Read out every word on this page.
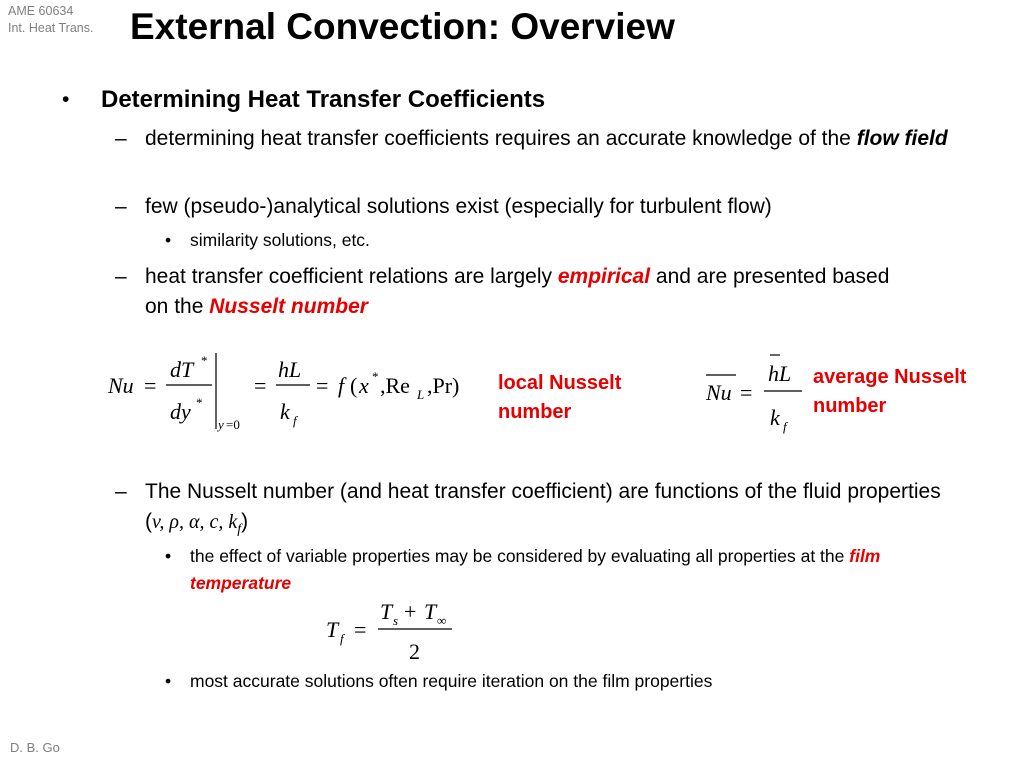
AME 60634
Int. Heat Trans. External Convection: Overview
• Determining Heat Transfer Coefficients
– determining heat transfer coefficients requires an accurate knowledge of the flow field
– few (pseudo-)analytical solutions exist (especially for turbulent flow)
• similarity solutions, etc.
– heat transfer coefficient relations are largely empirical and are presented based on the Nusselt number
Nu =
dT *
dy *
y =0
=
hL
k f
= f ( x * ,Re L ,Pr) local Nusselt number
Nu =
hL
k f
average Nusselt number
– The Nusselt number (and heat transfer coefficient) are functions of the fluid properties (v, ρ, α, c, $k_f$)
• the effect of variable properties may be considered by evaluating all properties at the film temperature
T f =
T s + T ∞
2
• most accurate solutions often require iteration on the film properties
D. B. Go
